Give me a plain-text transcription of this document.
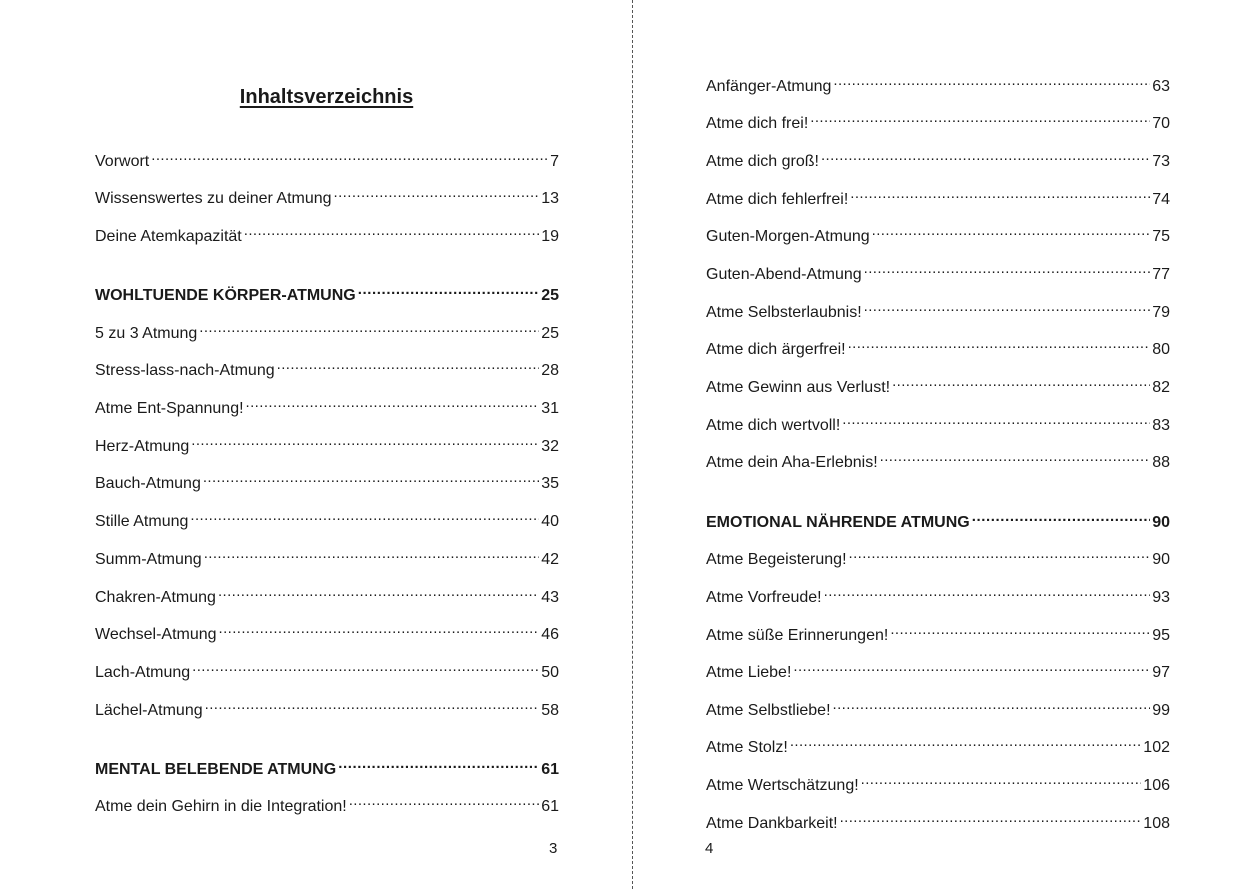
Inhaltsverzeichnis
Vorwort .....	7
Wissenswertes zu deiner Atmung .....	13
Deine Atemkapazität .....	19
WOHLTUENDE KÖRPER-ATMUNG .....	25
5 zu 3 Atmung .....	25
Stress-lass-nach-Atmung .....	28
Atme Ent-Spannung! .....	31
Herz-Atmung .....	32
Bauch-Atmung .....	35
Stille Atmung .....	40
Summ-Atmung .....	42
Chakren-Atmung .....	43
Wechsel-Atmung .....	46
Lach-Atmung .....	50
Lächel-Atmung .....	58
MENTAL BELEBENDE ATMUNG .....	61
Atme dein Gehirn in die Integration! .....	61
3
Anfänger-Atmung .....	63
Atme dich frei! .....	70
Atme dich groß! .....	73
Atme dich fehlerfrei! .....	74
Guten-Morgen-Atmung .....	75
Guten-Abend-Atmung .....	77
Atme Selbsterlaubnis! .....	79
Atme dich ärgerfrei! .....	80
Atme Gewinn aus Verlust! .....	82
Atme dich wertvoll! .....	83
Atme dein Aha-Erlebnis! .....	88
EMOTIONAL NÄHRENDE ATMUNG .....	90
Atme Begeisterung! .....	90
Atme Vorfreude! .....	93
Atme süße Erinnerungen! .....	95
Atme Liebe! .....	97
Atme Selbstliebe! .....	99
Atme Stolz! .....	102
Atme Wertschätzung! .....	106
Atme Dankbarkeit! .....	108
4
